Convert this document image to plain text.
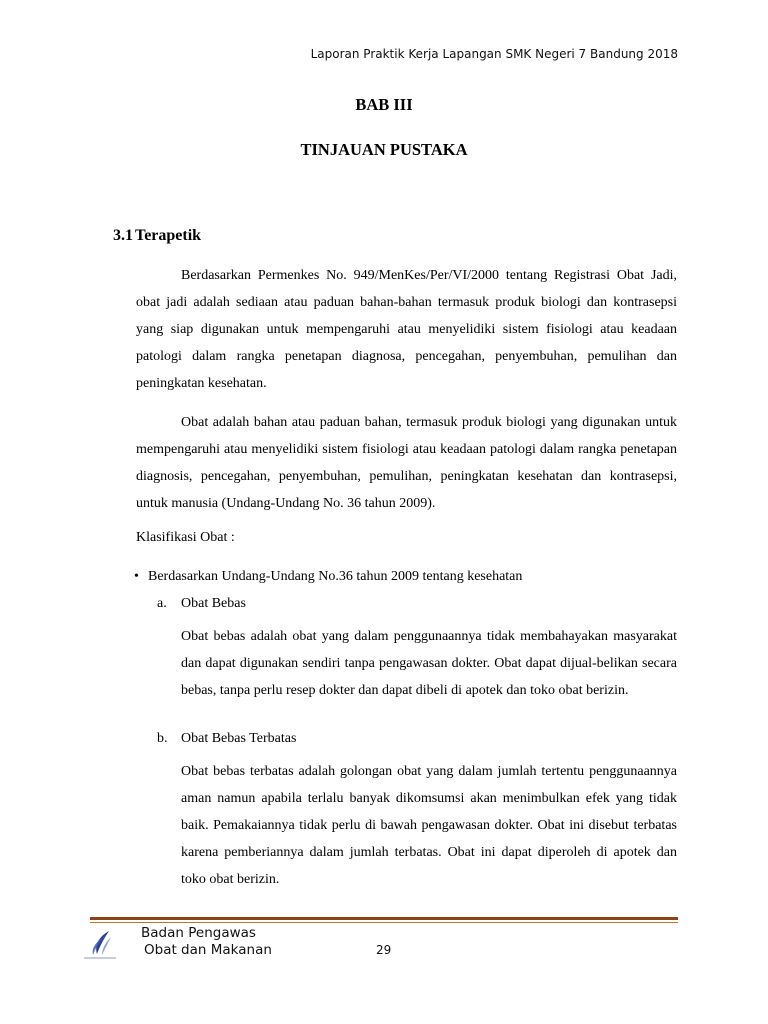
Laporan Praktik Kerja Lapangan SMK Negeri 7 Bandung 2018
BAB III
TINJAUAN PUSTAKA
3.1 Terapetik
Berdasarkan Permenkes No. 949/MenKes/Per/VI/2000 tentang Registrasi Obat Jadi, obat jadi adalah sediaan atau paduan bahan-bahan termasuk produk biologi dan kontrasepsi yang siap digunakan untuk mempengaruhi atau menyelidiki sistem fisiologi atau keadaan patologi dalam rangka penetapan diagnosa, pencegahan, penyembuhan, pemulihan dan peningkatan kesehatan.
Obat adalah bahan atau paduan bahan, termasuk produk biologi yang digunakan untuk mempengaruhi atau menyelidiki sistem fisiologi atau keadaan patologi dalam rangka penetapan diagnosis, pencegahan, penyembuhan, pemulihan, peningkatan kesehatan dan kontrasepsi, untuk manusia (Undang-Undang No. 36 tahun 2009).
Klasifikasi Obat :
• Berdasarkan Undang-Undang No.36 tahun 2009 tentang kesehatan
a. Obat Bebas
Obat bebas adalah obat yang dalam penggunaannya tidak membahayakan masyarakat dan dapat digunakan sendiri tanpa pengawasan dokter. Obat dapat dijual-belikan secara bebas, tanpa perlu resep dokter dan dapat dibeli di apotek dan toko obat berizin.
b. Obat Bebas Terbatas
Obat bebas terbatas adalah golongan obat yang dalam jumlah tertentu penggunaannya aman namun apabila terlalu banyak dikomsumsi akan menimbulkan efek yang tidak baik. Pemakaiannya tidak perlu di bawah pengawasan dokter. Obat ini disebut terbatas karena pemberiannya dalam jumlah terbatas. Obat ini dapat diperoleh di apotek dan toko obat berizin.
Badan Pengawas
Obat dan Makanan	29
